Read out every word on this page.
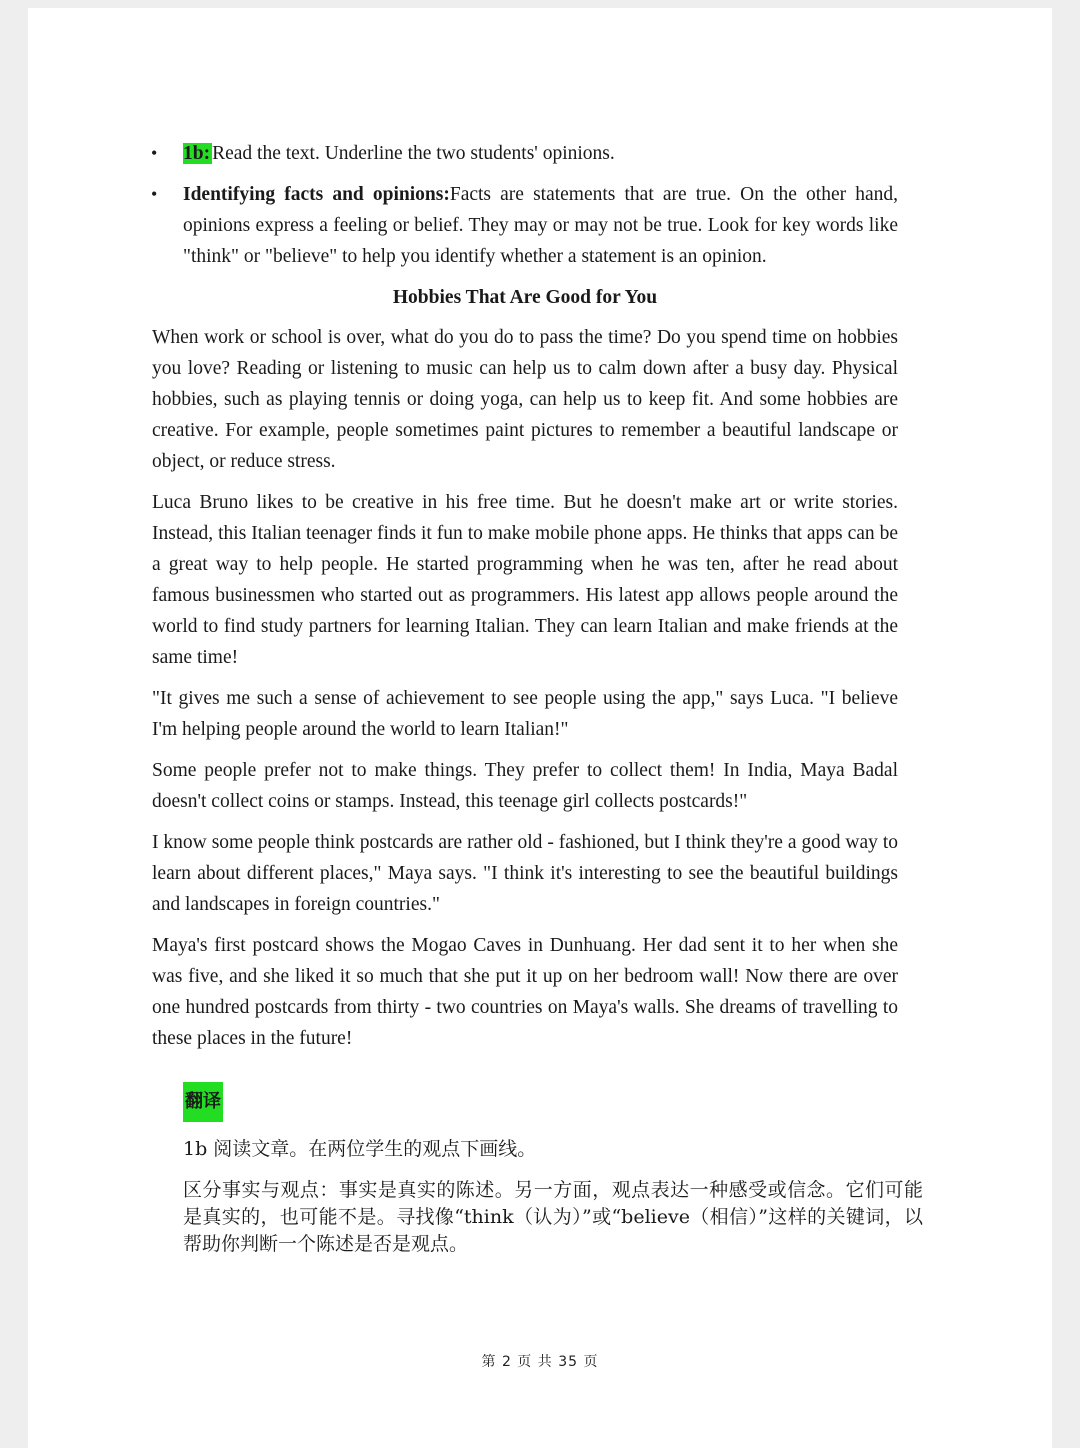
• 1b: Read the text. Underline the two students' opinions.
• Identifying facts and opinions:Facts are statements that are true. On the other hand, opinions express a feeling or belief. They may or may not be true. Look for key words like "think" or "believe" to help you identify whether a statement is an opinion.
Hobbies That Are Good for You

When work or school is over, what do you do to pass the time? Do you spend time on hobbies you love? Reading or listening to music can help us to calm down after a busy day. Physical hobbies, such as playing tennis or doing yoga, can help us to keep fit. And some hobbies are creative. For example, people sometimes paint pictures to remember a beautiful landscape or object, or reduce stress.

Luca Bruno likes to be creative in his free time. But he doesn't make art or write stories. Instead, this Italian teenager finds it fun to make mobile phone apps. He thinks that apps can be a great way to help people. He started programming when he was ten, after he read about famous businessmen who started out as programmers. His latest app allows people around the world to find study partners for learning Italian. They can learn Italian and make friends at the same time!

"It gives me such a sense of achievement to see people using the app," says Luca. "I believe I'm helping people around the world to learn Italian!"

Some people prefer not to make things. They prefer to collect them! In India, Maya Badal doesn't collect coins or stamps. Instead, this teenage girl collects postcards!"

I know some people think postcards are rather old - fashioned, but I think they're a good way to learn about different places," Maya says. "I think it's interesting to see the beautiful buildings and landscapes in foreign countries."

Maya's first postcard shows the Mogao Caves in Dunhuang. Her dad sent it to her when she was five, and she liked it so much that she put it up on her bedroom wall! Now there are over one hundred postcards from thirty - two countries on Maya's walls. She dreams of travelling to these places in the future!

翻译

1b 阅读文章。在两位学生的观点下画线。

区分事实与观点：事实是真实的陈述。另一方面，观点表达一种感受或信念。它们可能是真实的，也可能不是。寻找像“think（认为）”或“believe（相信）”这样的关键词，以帮助你判断一个陈述是否是观点。

第 2 页 共 35 页
